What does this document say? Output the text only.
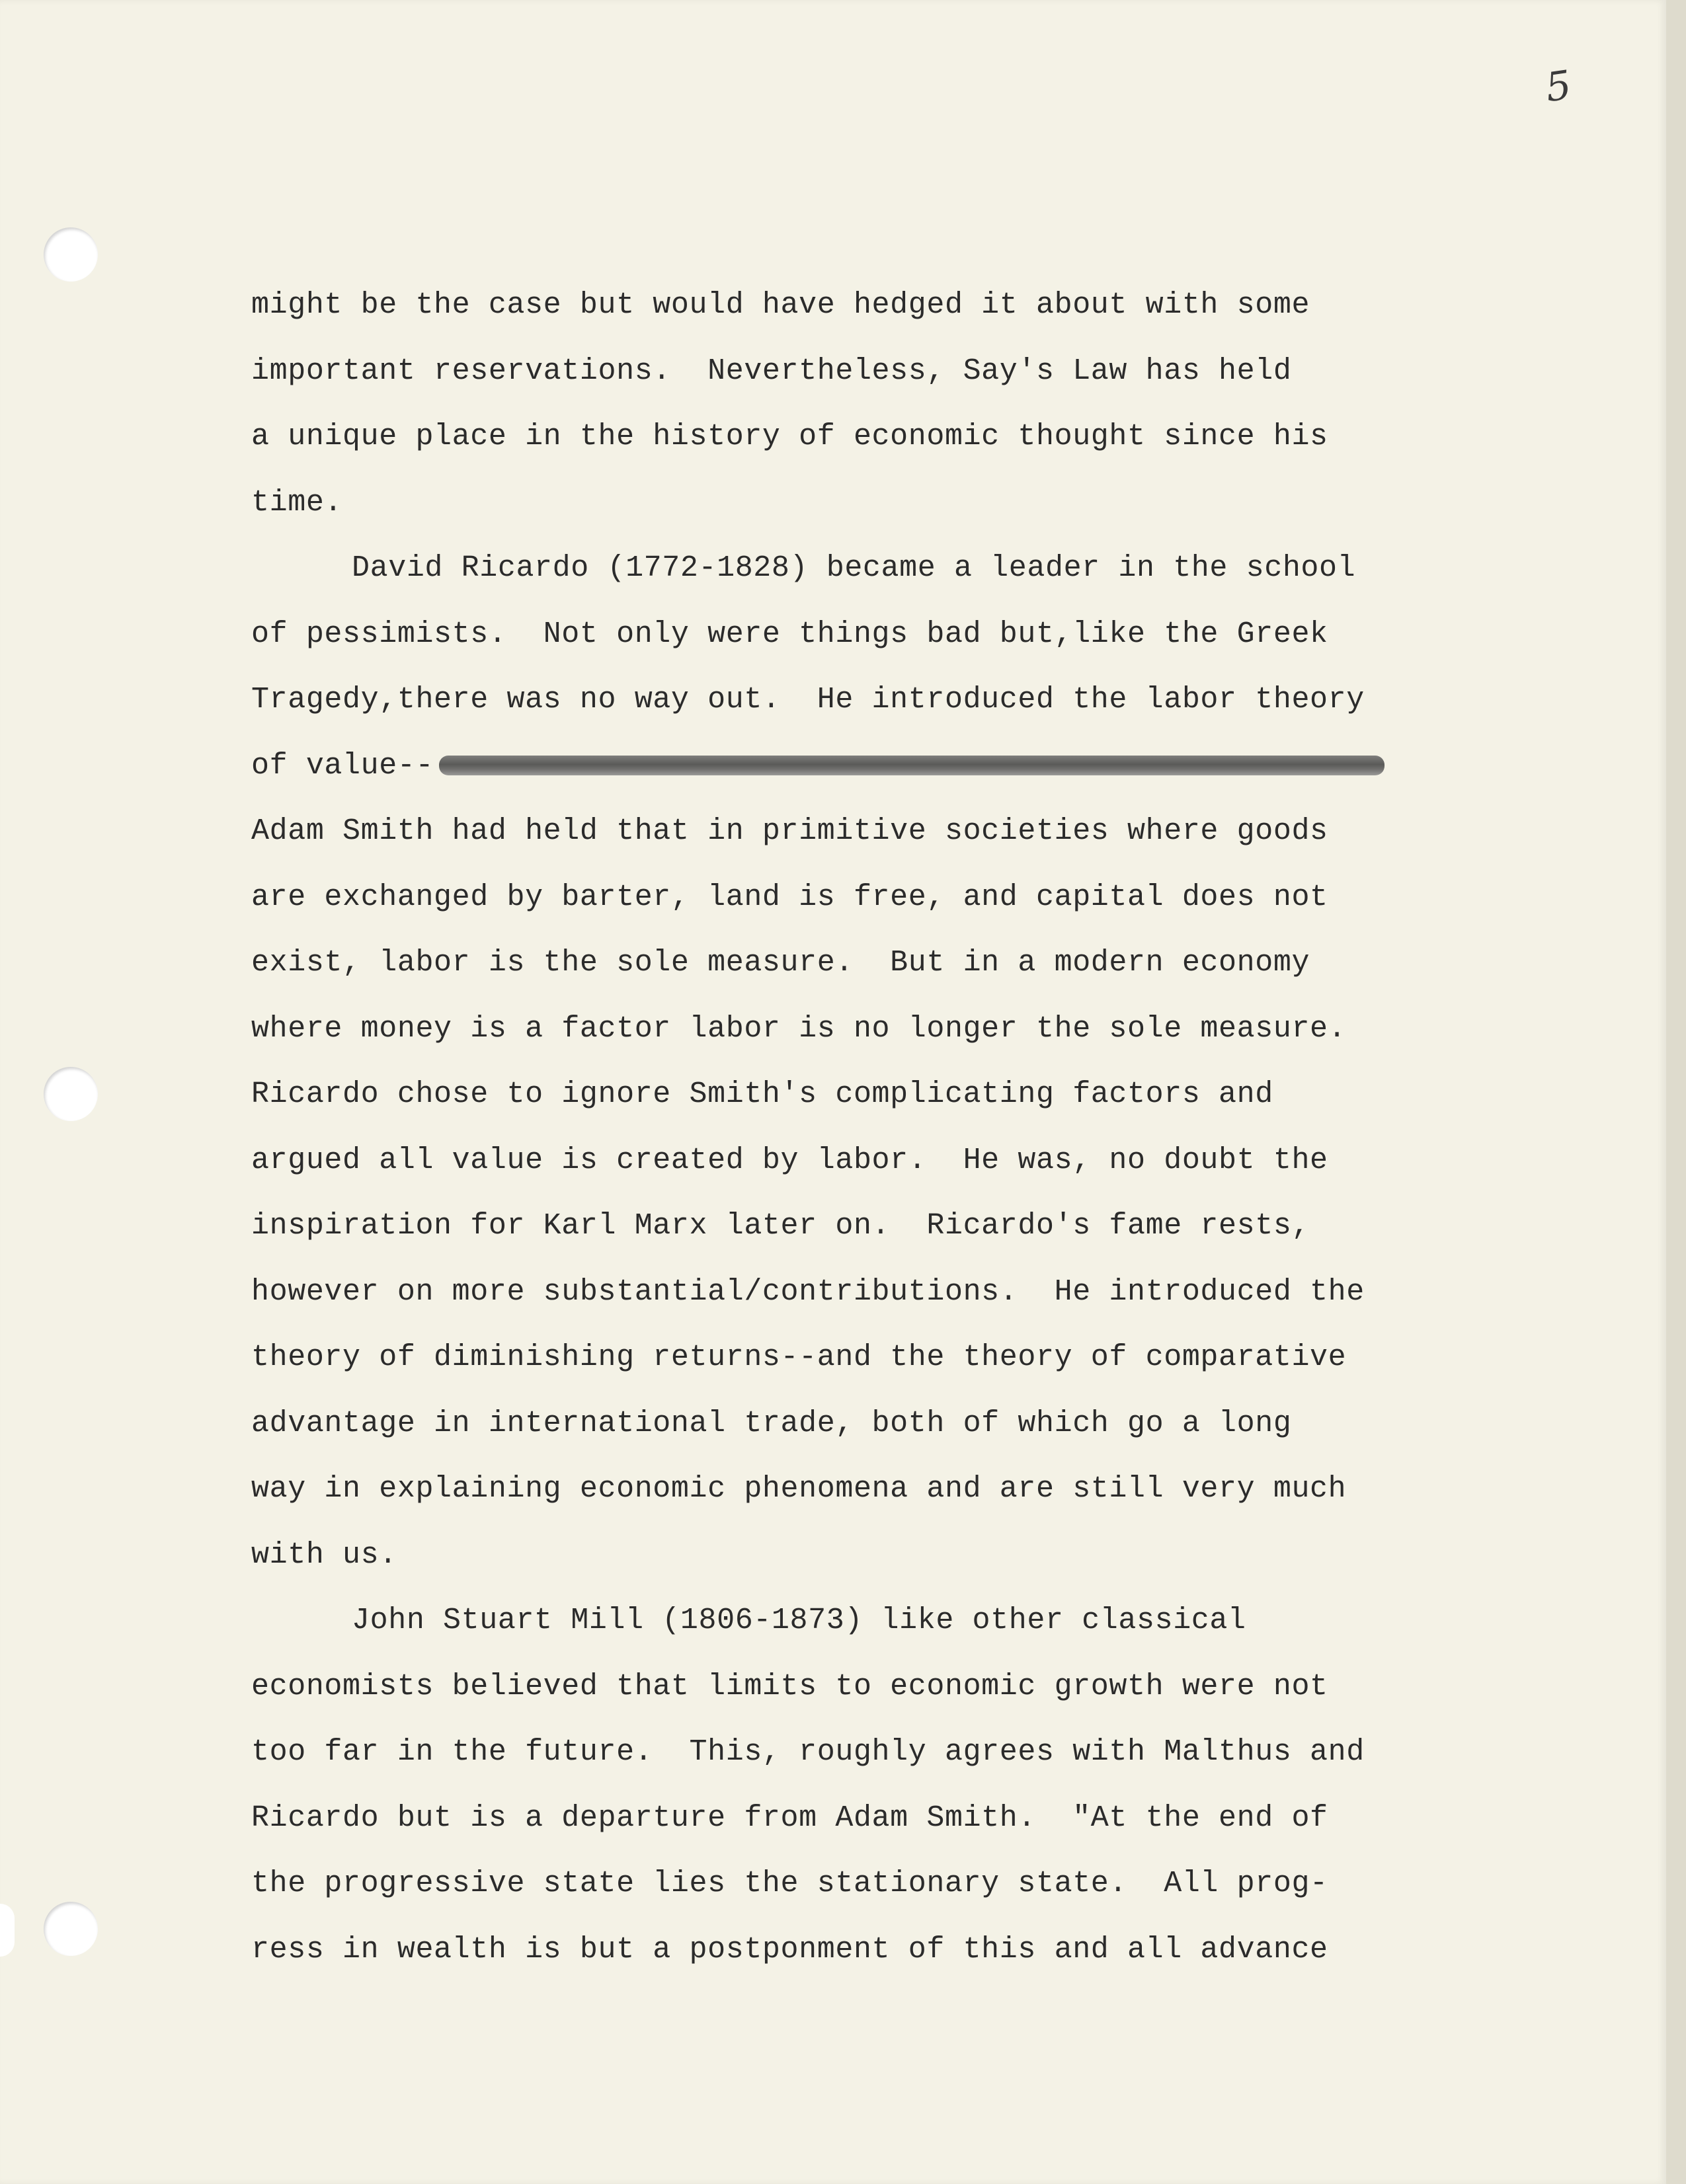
5
might be the case but would have hedged it about with some
important reservations.  Nevertheless, Say's Law has held
a unique place in the history of economic thought since his
time.
David Ricardo (1772-1828) became a leader in the school
of pessimists.  Not only were things bad but,like the Greek
Tragedy,there was no way out.  He introduced the labor theory
of value--
Adam Smith had held that in primitive societies where goods
are exchanged by barter, land is free, and capital does not
exist, labor is the sole measure.  But in a modern economy
where money is a factor labor is no longer the sole measure.
Ricardo chose to ignore Smith's complicating factors and
argued all value is created by labor.  He was, no doubt the
inspiration for Karl Marx later on.  Ricardo's fame rests,
however on more substantial/contributions.  He introduced the
theory of diminishing returns--and the theory of comparative
advantage in international trade, both of which go a long
way in explaining economic phenomena and are still very much
with us.
John Stuart Mill (1806-1873) like other classical
economists believed that limits to economic growth were not
too far in the future.  This, roughly agrees with Malthus and
Ricardo but is a departure from Adam Smith.  "At the end of
the progressive state lies the stationary state.  All prog-
ress in wealth is but a postponment of this and all advance
